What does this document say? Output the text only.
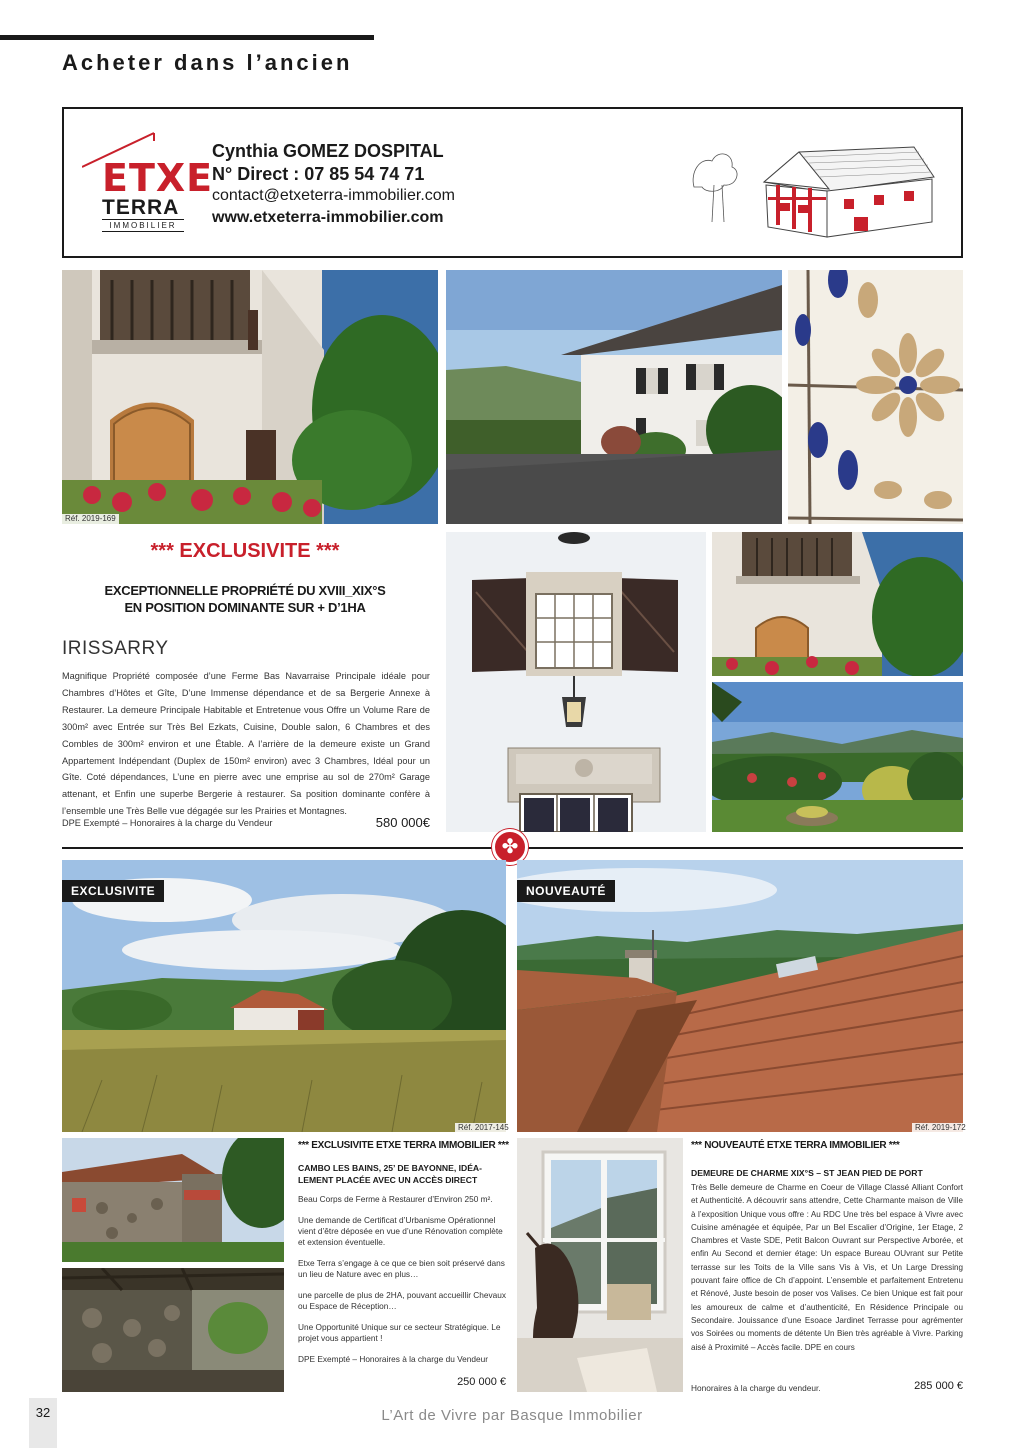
Acheter dans l’ancien
ETXE
TERRA
IMMOBILIER
Cynthia GOMEZ DOSPITAL
N° Direct : 07 85 54 74 71
contact@etxeterra-immobilier.com
www.etxeterra-immobilier.com
Réf. 2019-169
*** EXCLUSIVITE ***
EXCEPTIONNELLE PROPRIÉTÉ DU XVIII_XIX°S
EN POSITION DOMINANTE SUR + D’1HA
IRISSARRY
Magnifique Propriété composée d’une Ferme Bas Navarraise Principale idéale pour Chambres d’Hôtes et Gîte, D’une Immense dépendance et de sa Bergerie Annexe à Restaurer. La demeure Principale Habitable et Entretenue vous Offre un Volume Rare de 300m² avec Entrée sur Très Bel Ezkats, Cuisine, Double salon, 6 Chambres et des Combles de 300m² environ et une Étable. A l’arrière de la demeure existe un Grand Appartement Indépendant (Duplex de 150m² environ) avec 3 Chambres, Idéal pour un Gîte. Coté dépendances, L’une en pierre avec une emprise au sol de 270m² Garage attenant, et Enfin une superbe Bergerie à restaurer. Sa position dominante confère à l’ensemble une Très Belle vue dégagée sur les Prairies et Montagnes.
DPE Exempté – Honoraires à la charge du Vendeur	580 000€
✤
EXCLUSIVITE
Réf. 2017-145
*** EXCLUSIVITE ETXE TERRA IMMOBILIER ***
CAMBO LES BAINS, 25’ DE BAYONNE, IDÉA-
LEMENT PLACÉE AVEC UN ACCÈS DIRECT

Beau Corps de Ferme à Restaurer d’Environ 250 m².

Une demande de Certificat d’Urbanisme Opérationnel vient d’être déposée en vue d’une Rénovation complète et extension éventuelle.

Etxe Terra s’engage à ce que ce bien soit préservé dans un lieu de Nature avec en plus…

une parcelle de plus de 2HA, pouvant accueillir Chevaux ou Espace de Réception…

Une Opportunité Unique sur ce secteur Stratégique. Le projet vous appartient !

DPE Exempté – Honoraires à la charge du Vendeur

250 000 €
NOUVEAUTÉ
Réf. 2019-172
*** NOUVEAUTÉ ETXE TERRA IMMOBILIER ***
DEMEURE DE CHARME XIX°S – ST JEAN PIED DE PORT
Très Belle demeure de Charme en Coeur de Village Classé Alliant Confort et Authenticité. A découvrir sans attendre, Cette Charmante maison de Ville à l’exposition Unique vous offre : Au RDC Une très bel espace à Vivre avec Cuisine aménagée et équipée, Par un Bel Escalier d’Origine, 1er Etage, 2 Chambres et Vaste SDE, Petit Balcon Ouvrant sur Perspective Arborée, et enfin Au Second et dernier étage: Un espace Bureau OUvrant sur Petite terrasse sur les Toits de la Ville sans Vis à Vis, et Un Large Dressing pouvant faire office de Ch d’appoint. L’ensemble et parfaitement Entretenu et Rénové, Juste besoin de poser vos Valises. Ce bien Unique est fait pour les amoureux de calme et d’authenticité, En Résidence Principale ou Secondaire. Jouissance d’une Esoace Jardinet Terrasse pour agrémenter vos Soirées ou moments de détente Un Bien très agréable à Vivre. Parking aisé à Proximité – Accès facile. DPE en cours
Honoraires à la charge du vendeur.	285 000 €
32	L’Art de Vivre par Basque Immobilier
